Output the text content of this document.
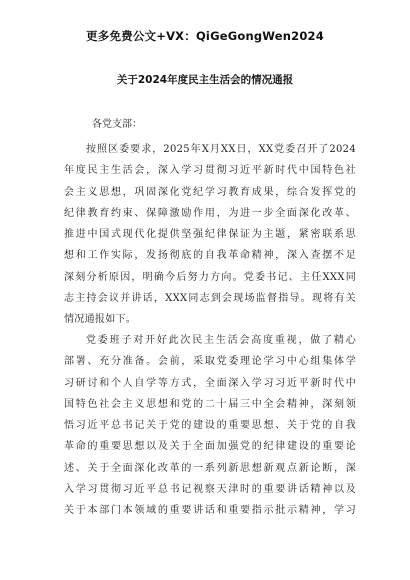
更多免费公文+VX：QiGeGongWen2024
关于2024年度民主生活会的情况通报
各党支部：
按照区委要求，2025年X月XX日，XX党委召开了2024
年度民主生活会，深入学习贯彻习近平新时代中国特色社
会主义思想，巩固深化党纪学习教育成果，综合发挥党的
纪律教育约束、保障激励作用，为进一步全面深化改革、
推进中国式现代化提供坚强纪律保证为主题，紧密联系思
想和工作实际，发扬彻底的自我革命精神，深入查摆不足
深刻分析原因，明确今后努力方向。党委书记、主任XXX同
志主持会议并讲话，XXX同志到会现场监督指导。现将有关
情况通报如下。
党委班子对开好此次民主生活会高度重视，做了精心
部署、充分准备。会前，采取党委理论学习中心组集体学
习研讨和个人自学等方式，全面深入学习习近平新时代中
国特色社会主义思想和党的二十届三中全会精神，深刻领
悟习近平总书记关于党的建设的重要思想、关于党的自我
革命的重要思想以及关于全面加强党的纪律建设的重要论
述、关于全面深化改革的一系列新思想新观点新论断，深
入学习贯彻习近平总书记视察天津时的重要讲话精神以及
关于本部门本领域的重要讲话和重要指示批示精神，学习
